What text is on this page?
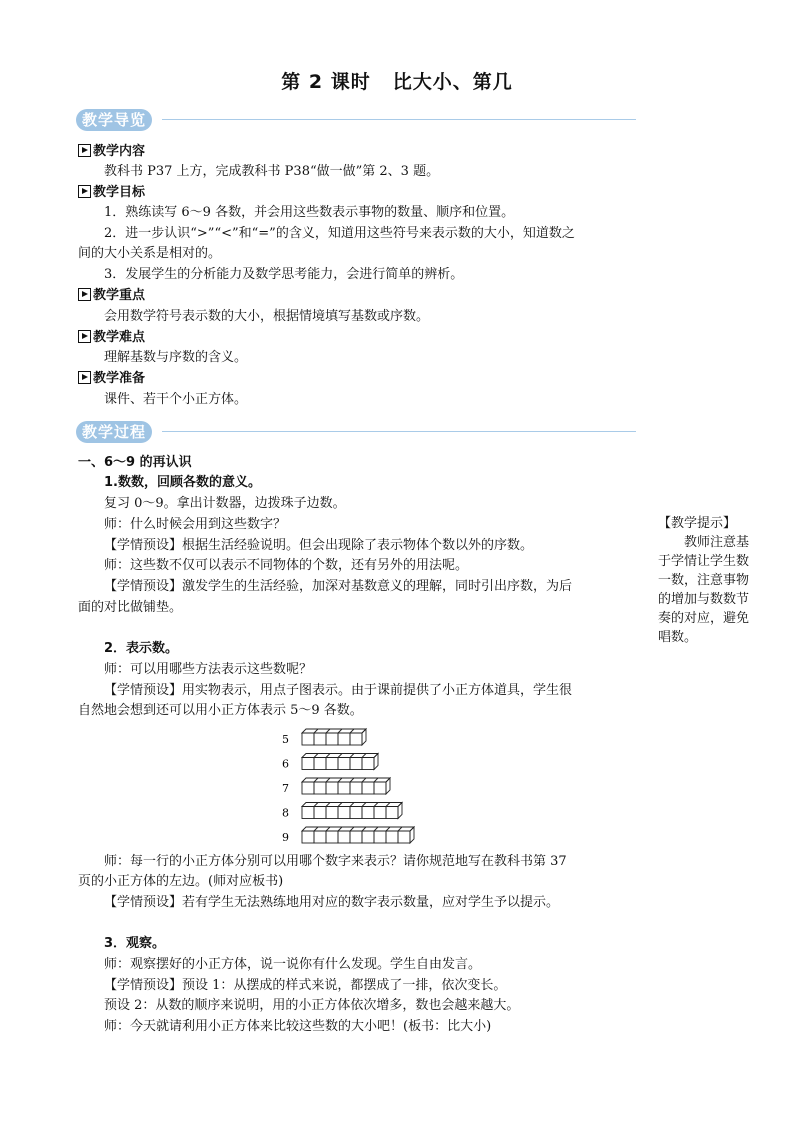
第 2 课时 比大小、第几
教学导览
教学内容
教科书 P37 上方，完成教科书 P38“做一做”第 2、3 题。
教学目标
1．熟练读写 6～9 各数，并会用这些数表示事物的数量、顺序和位置。
2．进一步认识“>”“<”和“=”的含义，知道用这些符号来表示数的大小，知道数之
间的大小关系是相对的。
3．发展学生的分析能力及数学思考能力，会进行简单的辨析。
教学重点
会用数学符号表示数的大小，根据情境填写基数或序数。
教学难点
理解基数与序数的含义。
教学准备
课件、若干个小正方体。
教学过程
一、6～9 的再认识
1.数数，回顾各数的意义。
复习 0～9。拿出计数器，边拨珠子边数。
师：什么时候会用到这些数字？
【学情预设】根据生活经验说明。但会出现除了表示物体个数以外的序数。
师：这些数不仅可以表示不同物体的个数，还有另外的用法呢。
【学情预设】激发学生的生活经验，加深对基数意义的理解，同时引出序数，为后
面的对比做铺垫。
2．表示数。
师：可以用哪些方法表示这些数呢？
【学情预设】用实物表示，用点子图表示。由于课前提供了小正方体道具，学生很
自然地会想到还可以用小正方体表示 5～9 各数。
5
6
7
8
9
师：每一行的小正方体分别可以用哪个数字来表示？请你规范地写在教科书第 37
页的小正方体的左边。(师对应板书)
【学情预设】若有学生无法熟练地用对应的数字表示数量，应对学生予以提示。
3．观察。
师：观察摆好的小正方体，说一说你有什么发现。学生自由发言。
【学情预设】预设 1：从摆成的样式来说，都摆成了一排，依次变长。
预设 2：从数的顺序来说明，用的小正方体依次增多，数也会越来越大。
师：今天就请利用小正方体来比较这些数的大小吧！(板书：比大小)
【教学提示】
教师注意基
于学情让学生数
一数，注意事物
的增加与数数节
奏的对应，避免
唱数。
